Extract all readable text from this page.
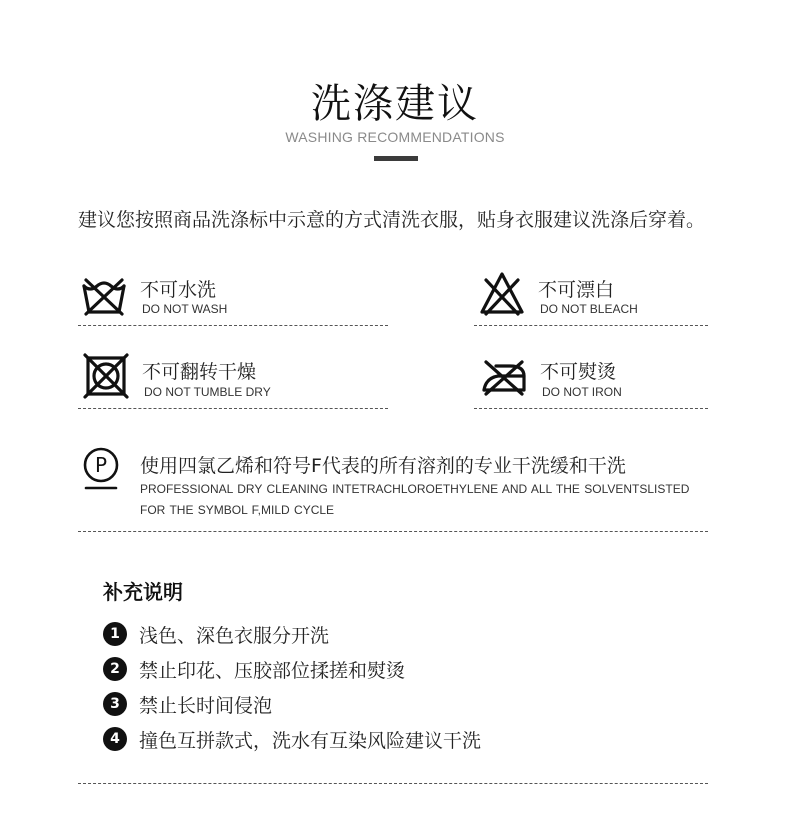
洗涤建议
WASHING RECOMMENDATIONS
建议您按照商品洗涤标中示意的方式清洗衣服，贴身衣服建议洗涤后穿着。
不可水洗
DO NOT WASH
不可漂白
DO NOT BLEACH
不可翻转干燥
DO NOT TUMBLE DRY
不可熨烫
DO NOT IRON
P 使用四氯乙烯和符号F代表的所有溶剂的专业干洗缓和干洗
PROFESSIONAL DRY CLEANING INTETRACHLOROETHYLENE AND ALL THE SOLVENTSLISTED FOR THE SYMBOL F,MILD CYCLE
补充说明
1	浅色、深色衣服分开洗
2	禁止印花、压胶部位揉搓和熨烫
3	禁止长时间侵泡
4	撞色互拼款式，洗水有互染风险建议干洗
